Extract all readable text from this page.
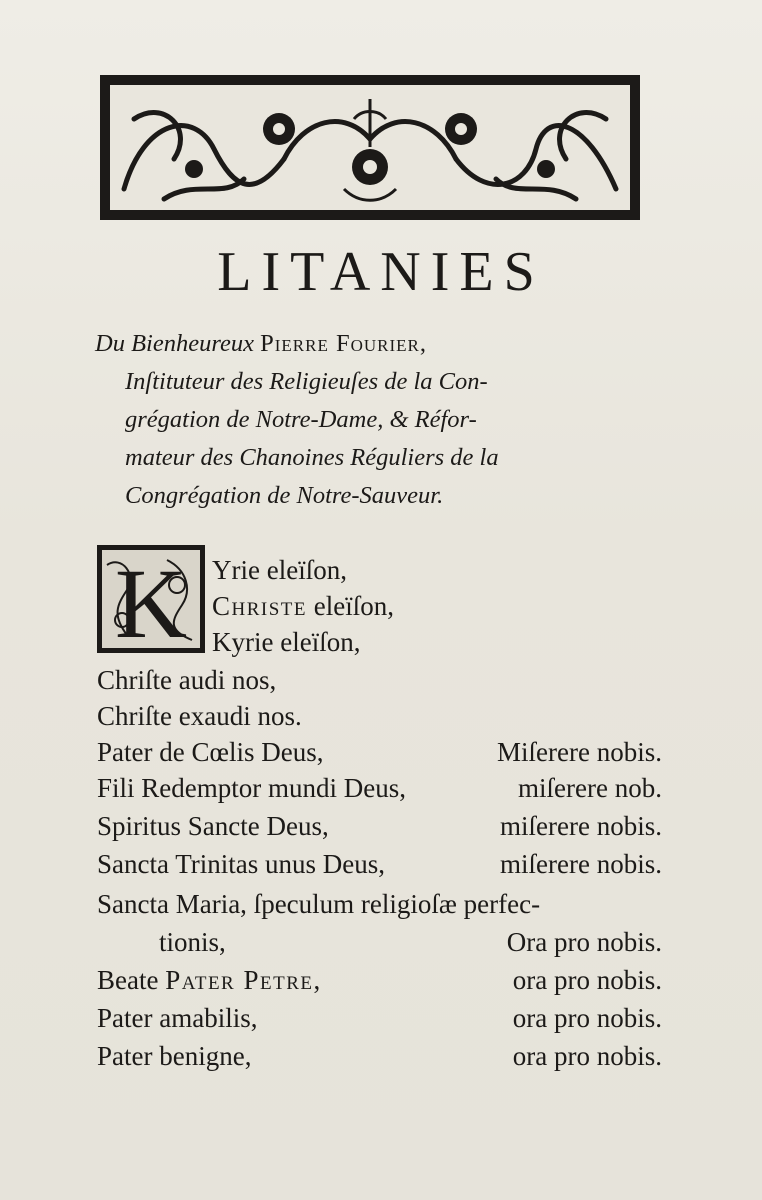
LITANIES
Du Bienheureux Pierre Fourier,
Inſtituteur des Religieuſes de la Con-
grégation de Notre-Dame, & Réfor-
mateur des Chanoines Réguliers de la
Congrégation de Notre-Sauveur.
K Yrie eleïſon,
Christe eleïſon,
Kyrie eleïſon,
Chriſte audi nos,
Chriſte exaudi nos.
Pater de Cœlis Deus,	Miſerere nobis.
Fili Redemptor mundi Deus,	miſerere nob.
Spiritus Sancte Deus,	miſerere nobis.
Sancta Trinitas unus Deus,	miſerere nobis.
Sancta Maria, ſpeculum religioſæ perfec-
tionis,	Ora pro nobis.
Beate Pater Petre,	ora pro nobis.
Pater amabilis,	ora pro nobis.
Pater benigne,	ora pro nobis.
